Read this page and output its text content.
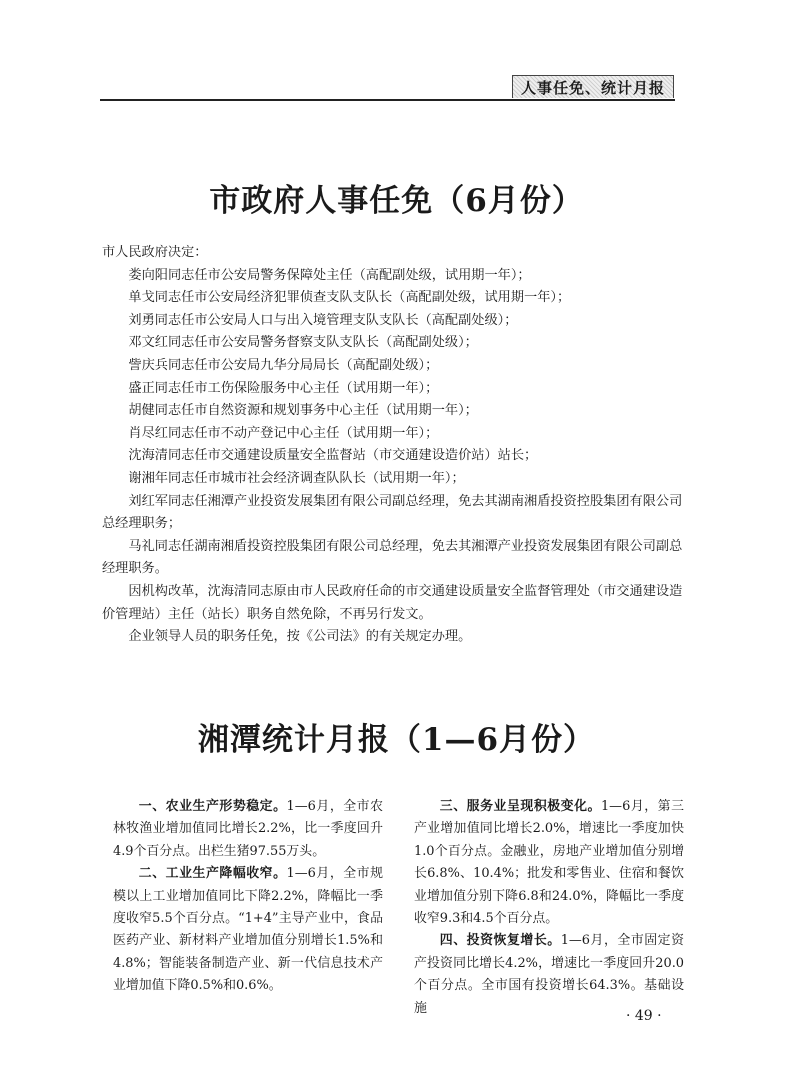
人事任免、统计月报
市政府人事任免（6月份）

市人民政府决定：

娄向阳同志任市公安局警务保障处主任（高配副处级，试用期一年）；

单戈同志任市公安局经济犯罪侦查支队支队长（高配副处级，试用期一年）；

刘勇同志任市公安局人口与出入境管理支队支队长（高配副处级）；

邓文红同志任市公安局警务督察支队支队长（高配副处级）；

訾庆兵同志任市公安局九华分局局长（高配副处级）；

盛正同志任市工伤保险服务中心主任（试用期一年）；

胡健同志任市自然资源和规划事务中心主任（试用期一年）；

肖尽红同志任市不动产登记中心主任（试用期一年）；

沈海清同志任市交通建设质量安全监督站（市交通建设造价站）站长；

谢湘年同志任市城市社会经济调查队队长（试用期一年）；

刘红军同志任湘潭产业投资发展集团有限公司副总经理，免去其湖南湘盾投资控股集团有限公司总经理职务；

马礼同志任湖南湘盾投资控股集团有限公司总经理，免去其湘潭产业投资发展集团有限公司副总经理职务。

因机构改革，沈海清同志原由市人民政府任命的市交通建设质量安全监督管理处（市交通建设造价管理站）主任（站长）职务自然免除，不再另行发文。

企业领导人员的职务任免，按《公司法》的有关规定办理。

湘潭统计月报（1—6月份）

一、农业生产形势稳定。1—6月，全市农林牧渔业增加值同比增长2.2%，比一季度回升4.9个百分点。出栏生猪97.55万头。

二、工业生产降幅收窄。1—6月，全市规模以上工业增加值同比下降2.2%，降幅比一季度收窄5.5个百分点。“1+4”主导产业中，食品医药产业、新材料产业增加值分别增长1.5%和4.8%；智能装备制造产业、新一代信息技术产业增加值下降0.5%和0.6%。

三、服务业呈现积极变化。1—6月，第三产业增加值同比增长2.0%，增速比一季度加快1.0个百分点。金融业，房地产业增加值分别增长6.8%、10.4%；批发和零售业、住宿和餐饮业增加值分别下降6.8和24.0%，降幅比一季度收窄9.3和4.5个百分点。

四、投资恢复增长。1—6月，全市固定资产投资同比增长4.2%，增速比一季度回升20.0个百分点。全市国有投资增长64.3%。基础设施	· 49 ·
